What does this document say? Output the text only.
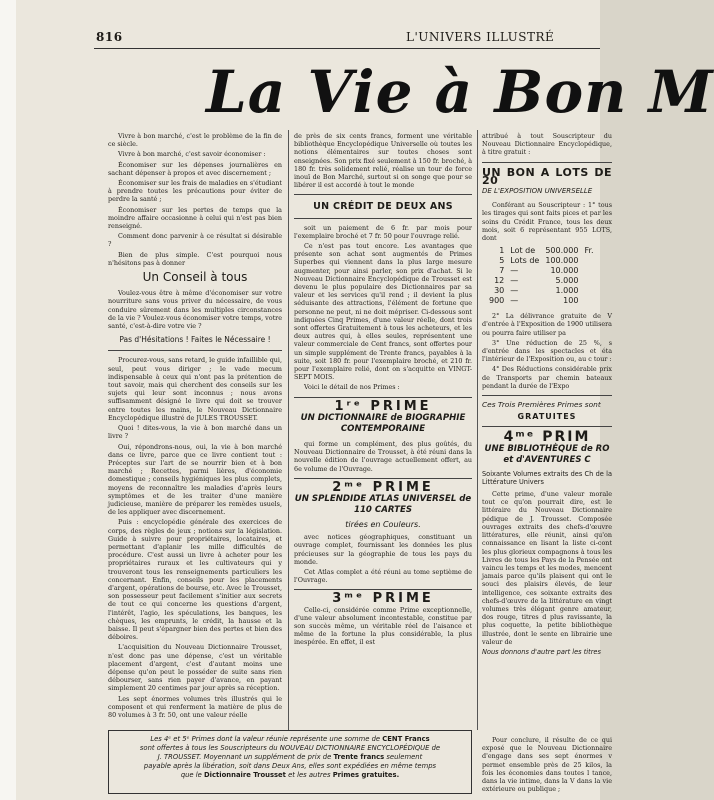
816	L'UNIVERS ILLUSTRÉ
La Vie à Bon M

Vivre à bon marché, c'est le problème de la fin de ce siècle.

Vivre à bon marché, c'est savoir économiser :

Économiser sur les dépenses journalières en sachant dépenser à propos et avec discernement ;

Économiser sur les frais de maladies en s'étudiant à prendre toutes les précautions pour éviter de perdre la santé ;

Économiser sur les pertes de temps que la moindre affaire occasionne à celui qui n'est pas bien renseigné.

Comment donc parvenir à ce résultat si désirable ?

Bien de plus simple. C'est pourquoi nous n'hésitons pas à donner

Un Conseil à tous

Voulez-vous être à même d'économiser sur votre nourriture sans vous priver du nécessaire, de vous conduire sûrement dans les multiples circonstances de la vie ? Voulez-vous économiser votre temps, votre santé, c'est-à-dire votre vie ?

Pas d'Hésitations ! Faites le Nécessaire !

Procurez-vous, sans retard, le guide infaillible qui, seul, peut vous diriger ; le vade mecum indispensable à ceux qui n'ont pas la prétention de tout savoir, mais qui cherchent des conseils sur les sujets qui leur sont inconnus ; nous avons suffisamment désigné le livre qui doit se trouver entre toutes les mains, le Nouveau Dictionnaire Encyclopédique illustré de JULES TROUSSET.

Quoi ! dites-vous, la vie à bon marché dans un livre ?

Oui, répondrons-nous, oui, la vie à bon marché dans ce livre, parce que ce livre contient tout : Préceptes sur l'art de se nourrir bien et à bon marché ; Recettes, parmi lières, d'économie domestique ; conseils hygiéniques les plus complets, moyens de reconnaître les maladies d'après leurs symptômes et de les traiter d'une manière judicieuse, manière de préparer les remèdes usuels, de les appliquer avec discernement.

Puis : encyclopédie générale des exercices de corps, des règles de jeux ; notions sur la législation. Guide à suivre pour propriétaires, locataires, et permettant d'aplanir les mille difficultés de procédure. C'est aussi un livre à acheter pour les propriétaires ruraux et les cultivateurs qui y trouveront tous les renseignements particuliers les concernant. Enfin, conseils pour les placements d'argent, opérations de bourse, etc. Avec le Trousset, son possesseur peut facilement s'initier aux secrets de tout ce qui concerne les questions d'argent, l'intérêt, l'agio, les spéculations, les banques, les chèques, les emprunts, le crédit, la hausse et la baisse. Il peut s'épargner bien des pertes et bien des déboires.

L'acquisition du Nouveau Dictionnaire Trousset, n'est donc pas une dépense, c'est un véritable placement d'argent, c'est d'autant moins une dépense qu'on peut le posséder de suite sans rien débourser, sans rien payer d'avance, en payant simplement 20 centimes par jour après sa réception.

Les sept énormes volumes très illustrés qui le composent et qui renferment la matière de plus de 80 volumes à 3 fr. 50, ont une valeur réelle

de près de six cents francs, forment une véritable bibliothèque Encyclopédique Universelle où toutes les notions élémentaires sur toutes choses sont enseignées. Son prix fixé seulement à 150 fr. broché, à 180 fr. très solidement relié, réalise un tour de force inouï de Bon Marché, surtout si on songe que pour se libérer il est accordé à tout le monde

UN CRÉDIT DE DEUX ANS

soit un paiement de 6 fr. par mois pour l'exemplaire broché et 7 fr. 50 pour l'ouvrage relié.

Ce n'est pas tout encore. Les avantages que présente son achat sont augmentés de Primes Superbes qui viennent dans la plus large mesure augmenter, pour ainsi parler, son prix d'achat. Si le Nouveau Dictionnaire Encyclopédique de Trousset est devenu le plus populaire des Dictionnaires par sa valeur et les services qu'il rend ; il devient la plus séduisante des attractions, l'élément de fortune que personne ne peut, ni ne doit mépriser. Ci-dessous sont indiquées Cinq Primes, d'une valeur réelle, dont trois sont offertes Gratuitement à tous les acheteurs, et les deux autres qui, à elles seules, représentent une valeur commerciale de Cent francs, sont offertes pour un simple supplément de Trente francs, payables à la suite, soit 180 fr. pour l'exemplaire broché, et 210 fr. pour l'exemplaire relié, dont on s'acquitte en VINGT-SEPT MOIS.

Voici le détail de nos Primes :

1ʳᵉ PRIME
UN DICTIONNAIRE de BIOGRAPHIE CONTEMPORAINE

qui forme un complément, des plus goûtés, du Nouveau Dictionnaire de Trousset, à été réuni dans la nouvelle édition de l'ouvrage actuellement offert, au 6e volume de l'Ouvrage.

2ᵐᵉ PRIME
UN SPLENDIDE ATLAS UNIVERSEL de 110 CARTES
tirées en Couleurs.

avec notices géographiques, constituant un ouvrage complet, fournissant les données les plus précieuses sur la géographie de tous les pays du monde.

Cet Atlas complet a été réuni au tome septième de l'Ouvrage.

3ᵐᵉ PRIME

Celle-ci, considérée comme Prime exceptionnelle, d'une valeur absolument incontestable, constitue par son succès même, un véritable réel de l'aisance et même de la fortune la plus considérable, la plus inespérée. En effet, il est

attribué à tout Souscripteur du Nouveau Dictionnaire Encyclopédique, à titre gratuit :

UN BON A LOTS DE 20
DE L'EXPOSITION UNIVERSELLE

Conférant au Souscripteur : 1° tous les tirages qui sont faits pices et par les soins du Crédit France, tous les deux mois, soit 6 représentant 955 LOTS, dont

1	Lot de	500.000	Fr.
5	Lots de	100.000	
7	—	10.000	
12	—	5.000	
30	—	1.000	
900	—	100	

2° La délivrance gratuite de V d'entrée à l'Exposition de 1900 utilisera ou pourra faire utiliser pa

3° Une réduction de 25 %, s d'entrée dans les spectacles et éta l'intérieur de l'Exposition ou, au c tour :

4° Des Réductions considérable prix de Transports par chemin bateaux pendant la durée de l'Expo

Ces Trois Premières Primes sont
GRATUITES
4ᵐᵉ PRIM
UNE BIBLIOTHÈQUE de RO et d'AVENTURES C
Soixante Volumes extraits des Ch de la Littérature Univers

Cette prime, d'une valeur morale tout ce qu'on pourrait dire, est le littéraire du Nouveau Dictionnaire pédique de J. Trousset. Composée ouvrages extraits des chefs-d'œuvre littératures, elle réunit, ainsi qu'on connaissance en lisant la liste ci-cont les plus glorieux compagnons à tous les Livres de tous les Pays de la Pensée ont vaincu les temps et les modes, mencent jamais parce qu'ils plaisent qui ont le souci des plaisirs élevés, de leur intelligence, ces soixante extraits des chefs-d'œuvre de la littérature en vingt volumes très élégant genre amateur, dos rouge, titres d plus ravissante, la plus coquette, la petite bibliothèque illustrée, dont le sente en librairie une valeur de

Nous donnons d'autre part les titres
Les 4ᵉ et 5ᵉ Primes dont la valeur réunie représente une somme de CENT Francs
sont offertes à tous les Souscripteurs du NOUVEAU DICTIONNAIRE ENCYCLOPÉDIQUE de
J. TROUSSET. Moyennant un supplément de prix de Trente francs seulement
payable après la libération, soit dans Deux Ans, elles sont expédiées en même temps
que le Dictionnaire Trousset et les autres Primes gratuites.

Pour conclure, il résulte de ce qui exposé que le Nouveau Dictionnaire d'engage dans ses sept énormes v permet ensemble près de 25 kilos, la fois les économies dans toutes l tance, dans la vie intime, dans la V dans la vie extérieure ou publique ;
